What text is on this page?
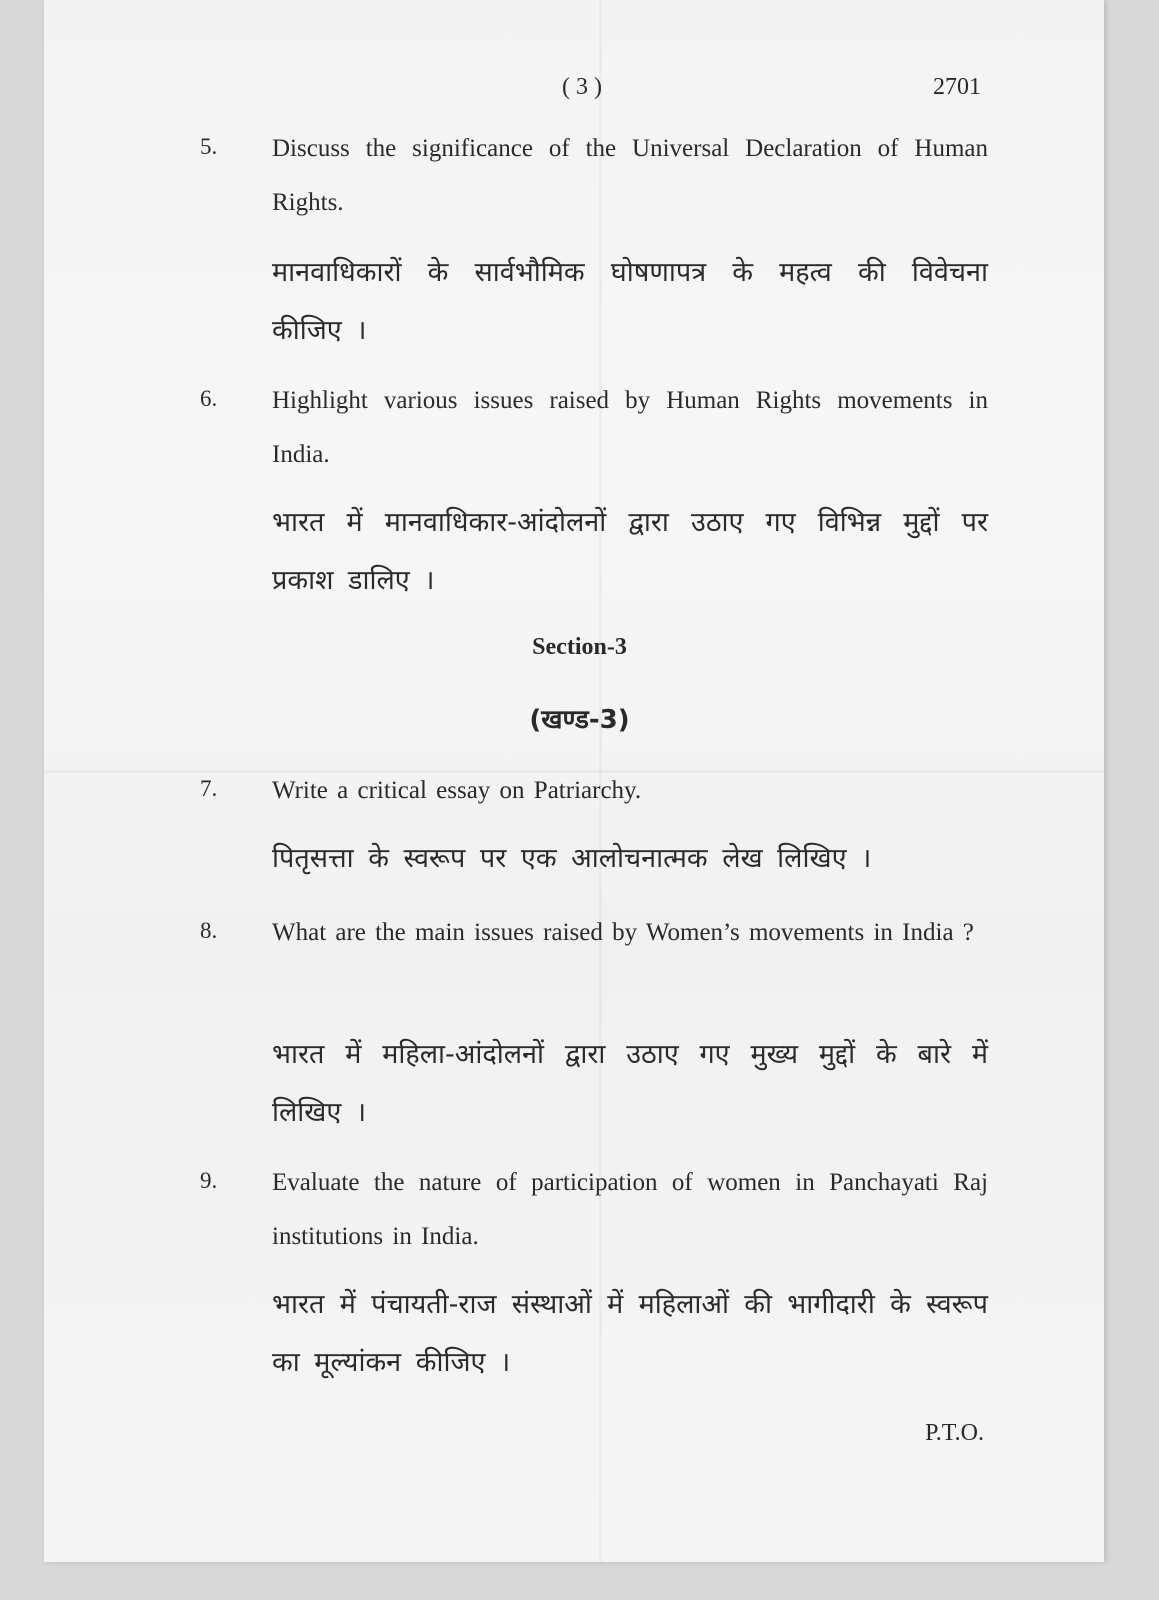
( 3 )	2701
5. Discuss the significance of the Universal Declaration of Human Rights.
मानवाधिकारों के सार्वभौमिक घोषणापत्र के महत्व की विवेचना कीजिए ।
6. Highlight various issues raised by Human Rights movements in India.
भारत में मानवाधिकार-आंदोलनों द्वारा उठाए गए विभिन्न मुद्दों पर प्रकाश डालिए ।
Section-3
(खण्ड-3)
7. Write a critical essay on Patriarchy.
पितृसत्ता के स्वरूप पर एक आलोचनात्मक लेख लिखिए ।
8. What are the main issues raised by Women’s movements in India ?
भारत में महिला-आंदोलनों द्वारा उठाए गए मुख्य मुद्दों के बारे में लिखिए ।
9. Evaluate the nature of participation of women in Panchayati Raj institutions in India.
भारत में पंचायती-राज संस्थाओं में महिलाओं की भागीदारी के स्वरूप का मूल्यांकन कीजिए ।
P.T.O.
